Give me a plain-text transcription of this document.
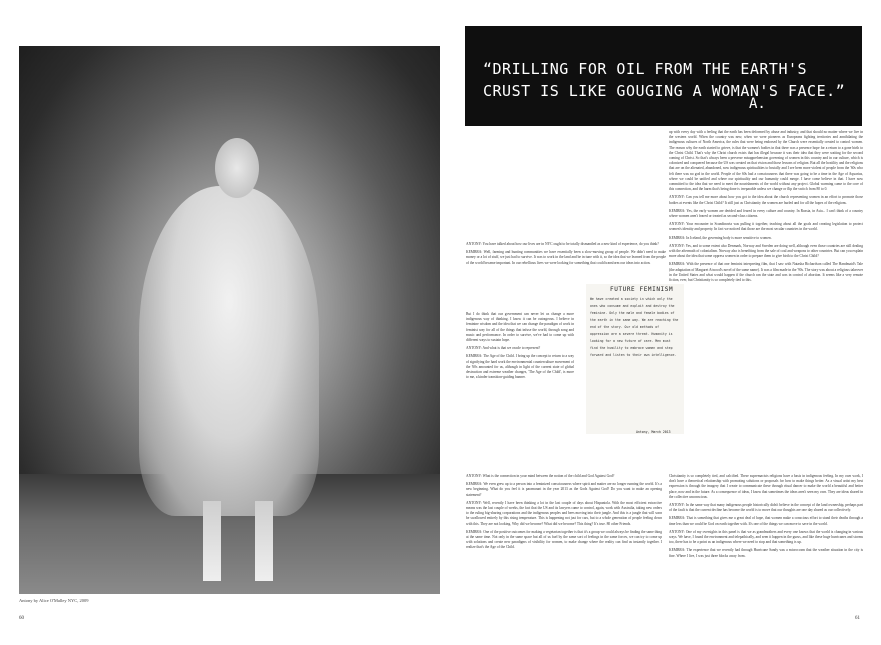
Antony by Alice O'Malley NYC, 2009
60	61
“DRILLING FOR OIL FROM THE EARTH'S CRUST IS LIKE GOUGING A WOMAN'S FACE.”
A.

ANTONY: You have talked about how our lives are in NYC ought to be totally dismantled as a new kind of experience, do you think?

KEMBRA: Well, farming and hunting communities we have essentially been a slow-moving group of people. We didn't need to make money or a lot of stuff, we just had to survive. It was to work in the land and be in tune with it, so the idea that we learned from the people of the world became important. In our rebellious lives we were looking for something that could transform our ideas into action.

But I do think that our government can never let us change a more indigenous way of thinking. I know it can be outrageous. I believe in feminine wisdom and the idea that we can change the paradigm of work in feminist way for all of the things that infuse the world, through song and music and performance. In order to survive, we've had to come up with different ways to sustain hope.

ANTONY: And what is that we oracle to represent?

KEMBRA: The Age of the Child. I bring up the concept to return to a way of signifying the hard work the environmental counterculture movement of the '60s amounted for us, although in light of the current state of global destruction and extreme weather changes, 'The Age of the Child', is more to me, a kinder transition-guiding banner.

ANTONY: What is the connection in your mind between the notion of the child and God Against God?

KEMBRA: We even grew up to a person into a feminized consciousness where spirit and matter are no longer running the world. It's a new beginning. What do you feel it is paramount in the year 2013 as the Gods Against God? Do you want to make an opening statement?

ANTONY: Well, recently I have been thinking a lot in the last couple of days about Hispaniola. With the most efficient extractive means was the last couple of weeks, the fact that the US and its lawyers came to control, again, work with Australia, taking new orders to the ruling big-sharing corporations and the indigenous peoples and bees moving into their jungle. And this is a jungle that will soon be swallowed entirely by this rising temperature. This is happening not just for cars, but to a whole generation of people feeling down with this. They are not looking. Why did we become? What did we become? This thing? It's true. 80 other Friends.

KEMBRA: One of the positive outcomes for making a vegetarian together is that it's a group we could always be finding the same thing at the same time. Not only in the same space but all of us fuel by the same sort of feelings in the same forces, we can try to come up with solutions and create new paradigms of visibility for women, to make change where the reality can find us instantly together. I realize that's the Age of the Child.

FUTURE FEMINISM
We have created a society in which only the ones who consume and exploit and destroy the feminine. Only the male and female bodies of the earth in the same way. We are reaching the end of the story. Our old methods of oppression are a severe threat. Humanity is looking for a new future of care. Men must find the humility to embrace women and step forward and listen to their own intelligence.
Antony, March 2013

up with every day with a feeling that the earth has been deformed by abuse and industry, and that should no matter where we live in the western world. When the country was new, when we were pioneers as Europeans fighting territories and annihilating the indigenous cultures of North America, the rules that were being endorsed by the Church were essentially created to control women. The reason why the earth started to grieve, is that the women's bodies in that there was a presence hope for a return to a gone birth to the Christ Child. That's why the Christ church exists that has illegal because it was their idea that they were waiting for the second coming of Christ. So that's always been a perverse misapprehension governing of women in this country and in our culture, which is colonized and conquered because the US was created on that vision and those lessons of religion. But all the hostility and the religions that are on the alienated, abandoned, now indigenous spiritualities to brutally and I see been more violent of people from the '60s who felt there was no god in the world. People of the 60s had a consciousness that there was going to be a time in the Age of Aquarius, where we could be unified and where our spirituality and our humanity could merge. I have come believe in that. I have now committed to the idea that we need to meet the nourishments of the world without any project. Global warming came to the core of this connection, and the harm that's being done is irreparable unless we change or flip the switch from 80 to 0.

ANTONY: Can you tell me more about how you got to the idea about the church representing women in an effort to promote those bodies at events like the Christ Child? It still just as Christianity the women are hurled and for all the hopes of the religions.

KEMBRA: Yes, the early women are derided and feared in every culture and country. In Russia, in Asia... I can't think of a country where women aren't feared or treated as second-class citizens.

ANTONY: Your encounter in Scandinavia was pulling it together, teaching about all the goals and creating legislation to protect women's identity and property. In fact we noticed that those are the most secular countries in the world.

KEMBRA: In Iceland, the governing body is more sensitive to women.

ANTONY: Yes, and to some extent also Denmark, Norway and Sweden are doing well, although even those countries are still dealing with the aftermath of colonialism. Norway also is benefiting from the sale of coal and weapons to other countries. But can you explain more about the idea that some oppress women in order to prepare them to give birth to the Christ Child?

KEMBRA: With the presence of that one feminist interpreting film, that I saw with Natasha Richardson called The Handmaid's Tale (the adaptation of Margaret Atwood's novel of the same name). It was a film made in the '90s. The story was about a religious takeover in the United States and what would happen if the church ran the state and was in control of abortion. It seems like a very remote fiction, ever, but Christianity is so completely tied to this.

Christianity is so completely tied, and calcified. These supremacists religions have a basis in indigenous feeling. In my own work, I don't have a theoretical relationship with promoting solutions or proposals for how to make things better. As a visual artist my best expression is through the imagery that I create to communicate these through ritual dancer to make the world a beautiful and better place, now and in the future. As a consequence of ideas, I know that sometimes the ideas aren't seen my own. They are ideas shared in the collective unconscious.

ANTONY: In the same way that many indigenous people historically didn't believe in the concept of the land ownership, perhaps part of the fault is that the current decline has become the world is to move that our thoughts are one day shared as our collectively.

KEMBRA: That is something that gives me a great deal of hope, that women make a conscious effort to stand their deaths through a time less than we could be God on earth together with. It's one of the things we can move to save in the world.

ANTONY: One of my oversights in this panel is that we as grandmothers and every one knows that the world is changing in various ways. We have, I found the environment and telepathically, and seen it happen in the gurus, and like these huge hurricanes and storms too, there has to be a point as an indigenous where we need to stop and that something is up.

KEMBRA: The experience that we recently had through Hurricane Sandy was a microcosm that the weather situation in the city is fine. Where I live, I was just three blocks away from.
